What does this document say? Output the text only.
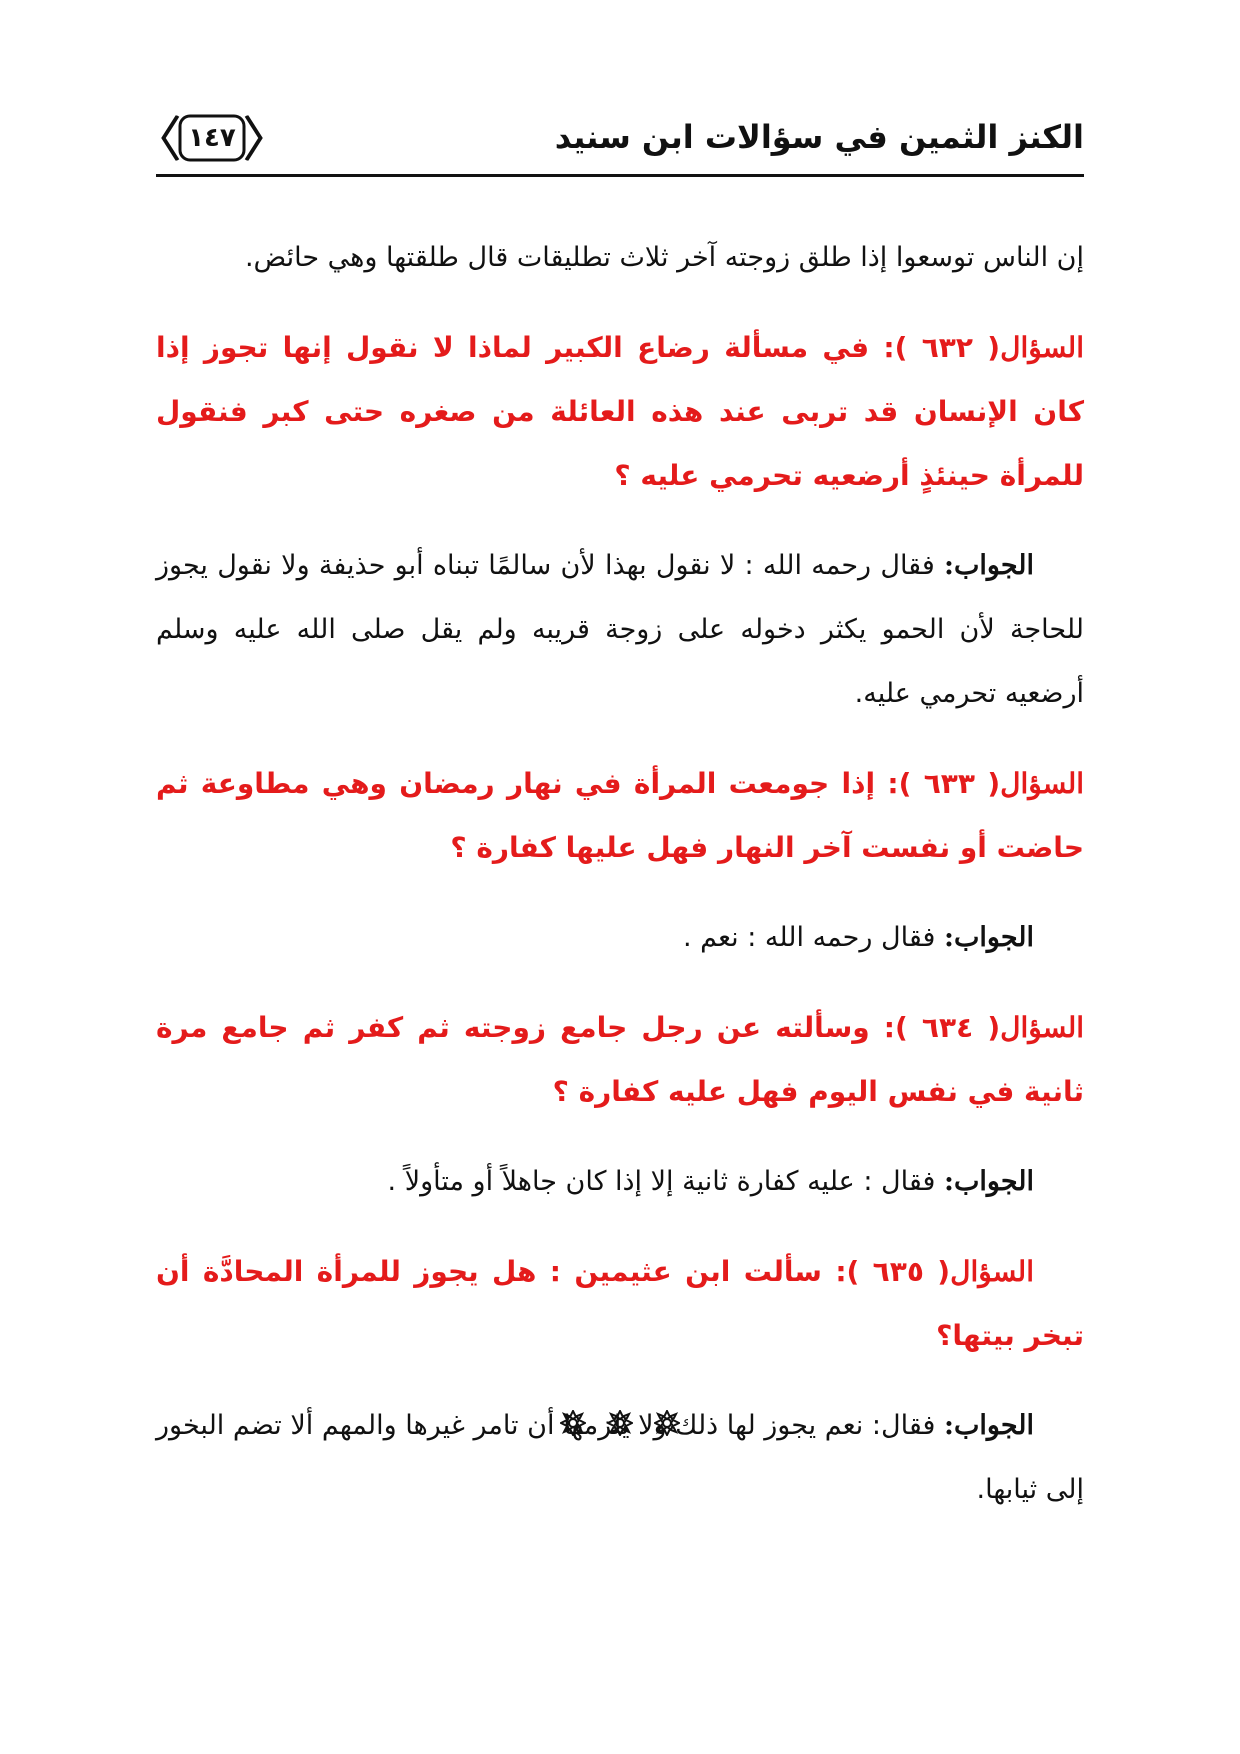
الكنز الثمين في سؤالات ابن سنيد
١٤٧

إن الناس توسعوا إذا طلق زوجته آخر ثلاث تطليقات قال طلقتها وهي حائض.

السؤال( ٦٣٢ ): في مسألة رضاع الكبير لماذا لا نقول إنها تجوز إذا كان الإنسان قد تربى عند هذه العائلة من صغره حتى كبر فنقول للمرأة حينئذٍ أرضعيه تحرمي عليه ؟

الجواب: فقال رحمه الله : لا نقول بهذا لأن سالمًا تبناه أبو حذيفة ولا نقول يجوز للحاجة لأن الحمو يكثر دخوله على زوجة قريبه ولم يقل صلى الله عليه وسلم أرضعيه تحرمي عليه.

السؤال( ٦٣٣ ): إذا جومعت المرأة في نهار رمضان وهي مطاوعة ثم حاضت أو نفست آخر النهار فهل عليها كفارة ؟

الجواب: فقال رحمه الله : نعم .

السؤال( ٦٣٤ ): وسألته عن رجل جامع زوجته ثم كفر ثم جامع مرة ثانية في نفس اليوم فهل عليه كفارة ؟

الجواب: فقال : عليه كفارة ثانية إلا إذا كان جاهلاً أو متأولاً .

السؤال( ٦٣٥ ): سألت ابن عثيمين : هل يجوز للمرأة المحادَّة أن تبخر بيتها؟

الجواب: فقال: نعم يجوز لها ذلك ولا يلزمها أن تامر غيرها والمهم ألا تضم البخور إلى ثيابها.
